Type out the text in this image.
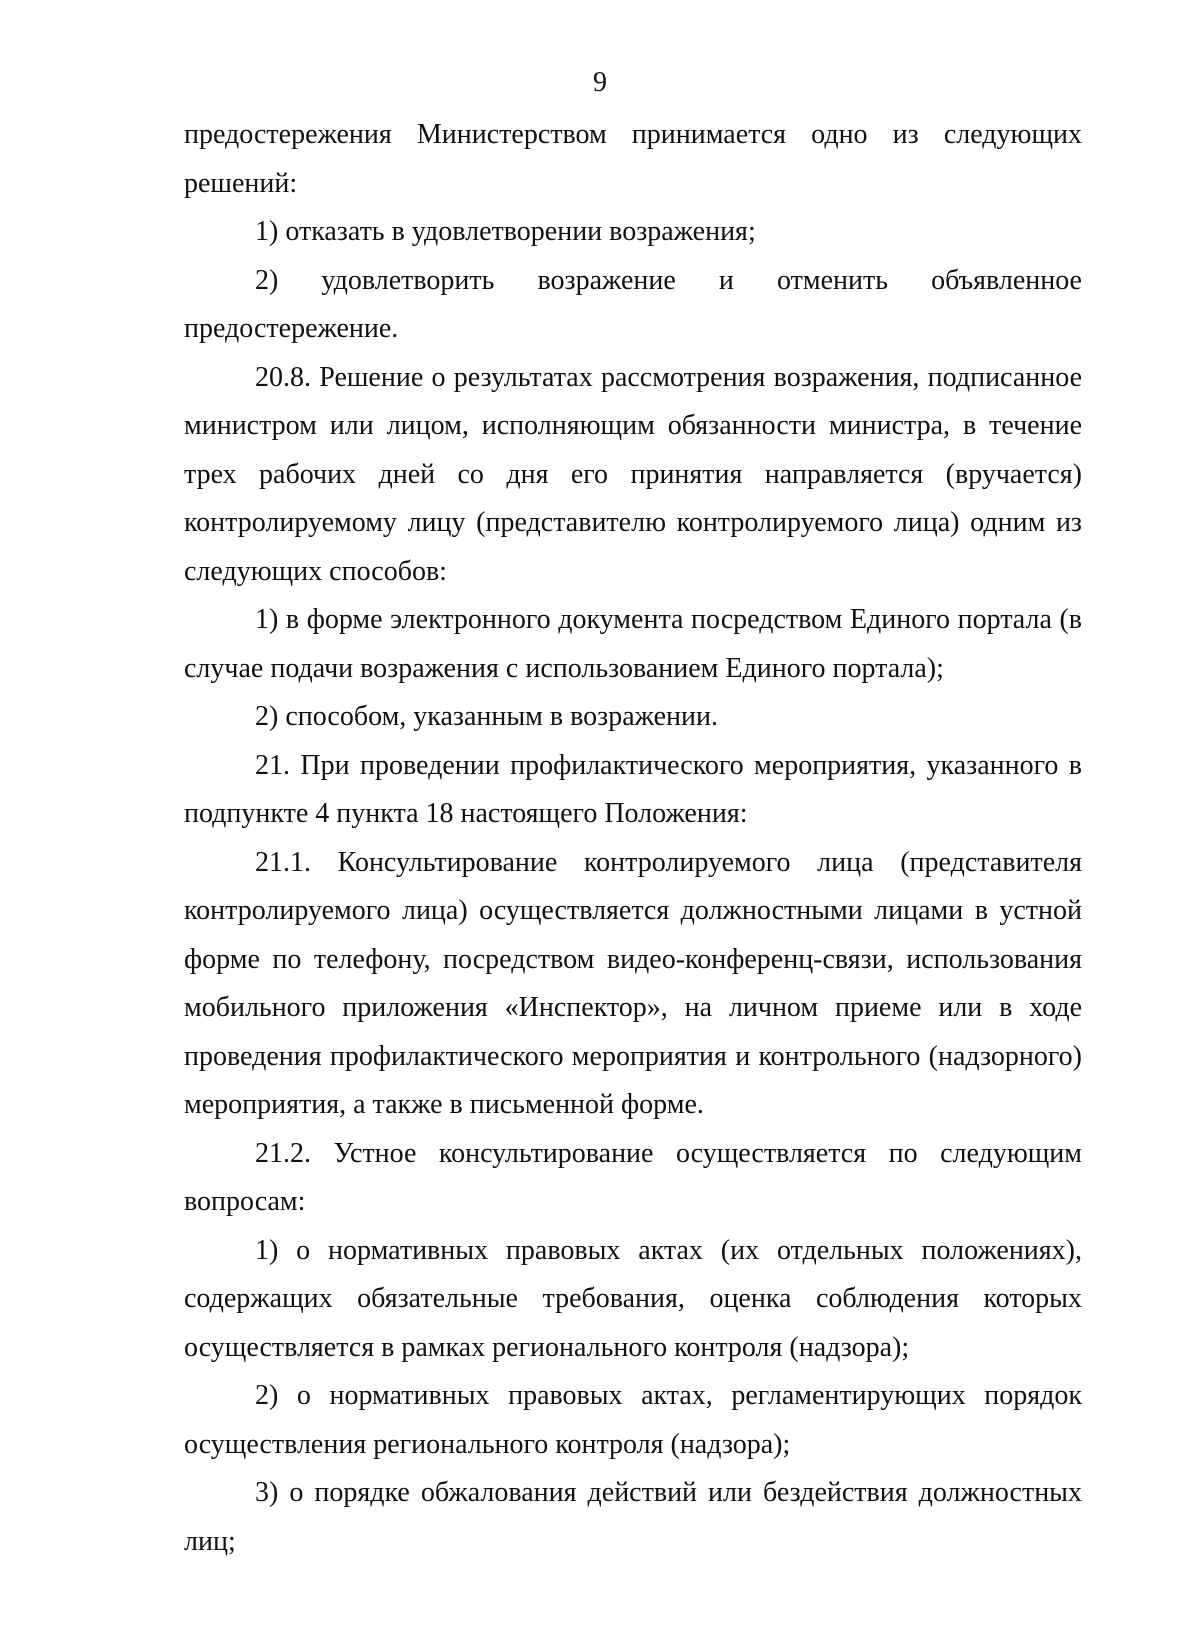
9

предостережения Министерством принимается одно из следующих решений:

1) отказать в удовлетворении возражения;

2) удовлетворить возражение и отменить объявленное предостережение.

20.8. Решение о результатах рассмотрения возражения, подписанное министром или лицом, исполняющим обязанности министра, в течение трех рабочих дней со дня его принятия направляется (вручается) контролируемому лицу (представителю контролируемого лица) одним из следующих способов:

1) в форме электронного документа посредством Единого портала (в случае подачи возражения с использованием Единого портала);

2) способом, указанным в возражении.

21. При проведении профилактического мероприятия, указанного в подпункте 4 пункта 18 настоящего Положения:

21.1. Консультирование контролируемого лица (представителя контролируемого лица) осуществляется должностными лицами в устной форме по телефону, посредством видео-конференц-связи, использования мобильного приложения «Инспектор», на личном приеме или в ходе проведения профилактического мероприятия и контрольного (надзорного) мероприятия, а также в письменной форме.

21.2. Устное консультирование осуществляется по следующим вопросам:

1) о нормативных правовых актах (их отдельных положениях), содержащих обязательные требования, оценка соблюдения которых осуществляется в рамках регионального контроля (надзора);

2) о нормативных правовых актах, регламентирующих порядок осуществления регионального контроля (надзора);

3) о порядке обжалования действий или бездействия должностных лиц;
